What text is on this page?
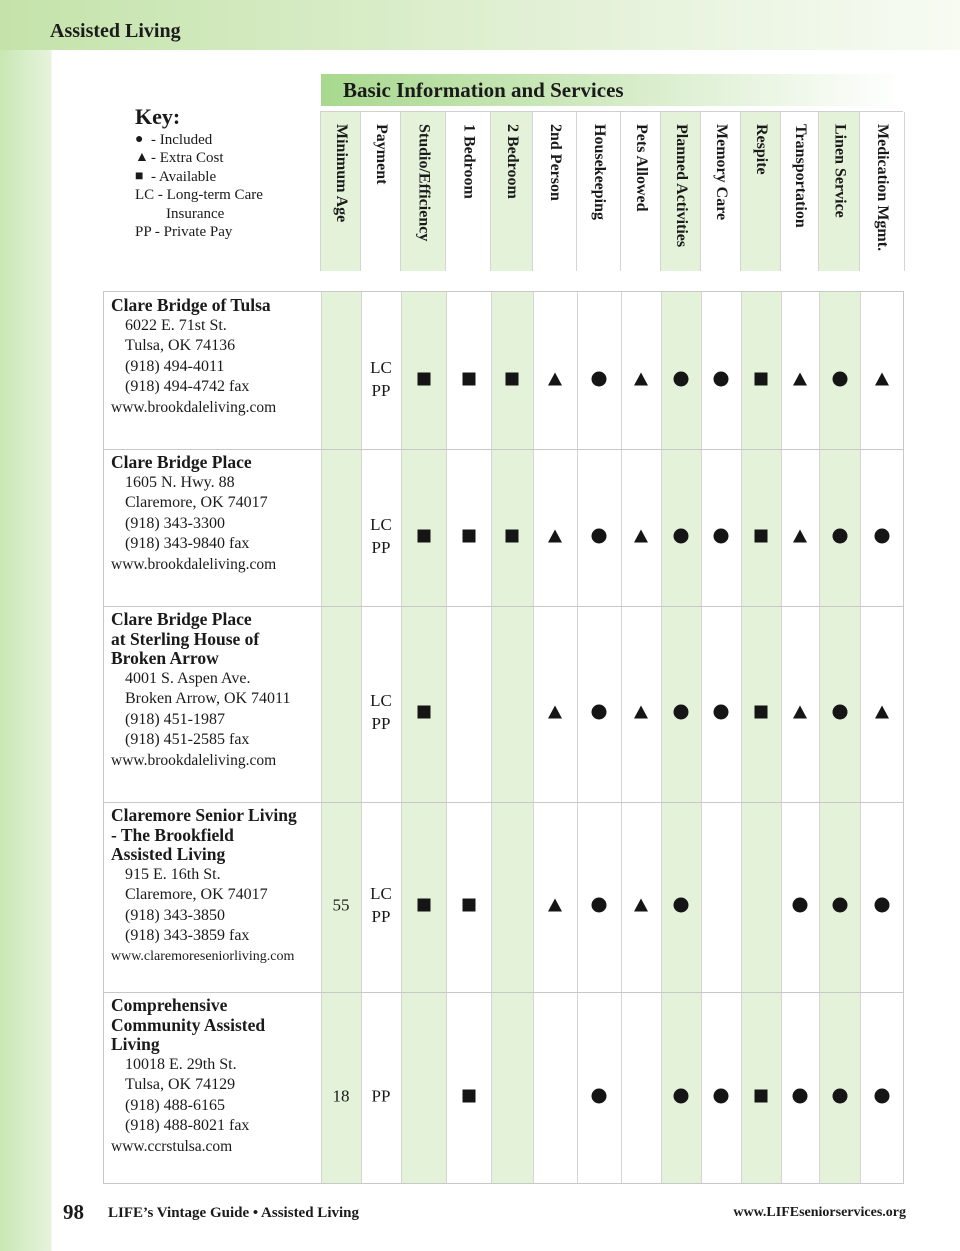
Assisted Living
Key:
● - Included
▲ - Extra Cost
■ - Available
LC - Long-term Care
Insurance
PP - Private Pay
Basic Information and Services
Minimum Age Payment Studio/Efficiency 1 Bedroom 2 Bedroom 2nd Person Housekeeping Pets Allowed Planned Activities Memory Care Respite Transportation Linen Service Medication Mgmt.
Clare Bridge of Tulsa
6022 E. 71st St.
Tulsa, OK 74136
(918) 494-4011
(918) 494-4742 fax
www.brookdaleliving.com
LC
PP
Clare Bridge Place
1605 N. Hwy. 88
Claremore, OK 74017
(918) 343-3300
(918) 343-9840 fax
www.brookdaleliving.com
LC
PP
Clare Bridge Place
at Sterling House of
Broken Arrow
4001 S. Aspen Ave.
Broken Arrow, OK 74011
(918) 451-1987
(918) 451-2585 fax
www.brookdaleliving.com
LC
PP
Claremore Senior Living
- The Brookfield
Assisted Living
915 E. 16th St.
Claremore, OK 74017
(918) 343-3850
(918) 343-3859 fax
www.claremoreseniorliving.com
55
LC
PP
Comprehensive
Community Assisted
Living
10018 E. 29th St.
Tulsa, OK 74129
(918) 488-6165
(918) 488-8021 fax
www.ccrstulsa.com
18 PP
98 LIFE’s Vintage Guide • Assisted Living	www.LIFEseniorservices.org
